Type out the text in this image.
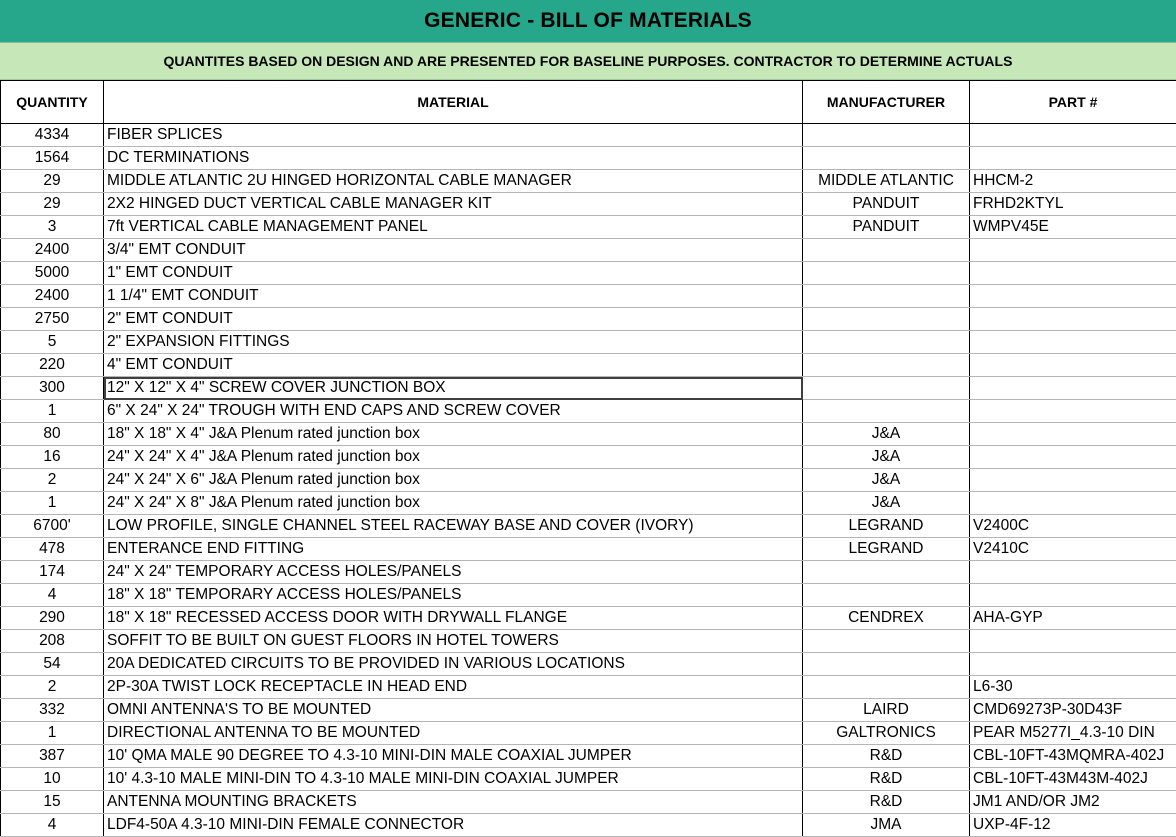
GENERIC - BILL OF MATERIALS
QUANTITES BASED ON DESIGN AND ARE PRESENTED FOR BASELINE PURPOSES. CONTRACTOR TO DETERMINE ACTUALS
QUANTITY	MATERIAL	MANUFACTURER	PART #
4334	FIBER SPLICES		
1564	DC TERMINATIONS		
29	MIDDLE ATLANTIC 2U HINGED HORIZONTAL CABLE MANAGER	MIDDLE ATLANTIC	HHCM-2
29	2X2 HINGED DUCT VERTICAL CABLE MANAGER KIT	PANDUIT	FRHD2KTYL
3	7ft VERTICAL CABLE MANAGEMENT PANEL	PANDUIT	WMPV45E
2400	3/4" EMT CONDUIT		
5000	1" EMT CONDUIT		
2400	1 1/4" EMT CONDUIT		
2750	2" EMT CONDUIT		
5	2" EXPANSION FITTINGS		
220	4" EMT CONDUIT		
300	12" X 12" X 4" SCREW COVER JUNCTION BOX		
1	6" X 24" X 24" TROUGH WITH END CAPS AND SCREW COVER		
80	18" X 18" X 4" J&A Plenum rated junction box	J&A	
16	24" X 24" X 4" J&A Plenum rated junction box	J&A	
2	24" X 24" X 6" J&A Plenum rated junction box	J&A	
1	24" X 24" X 8" J&A Plenum rated junction box	J&A	
6700'	LOW PROFILE, SINGLE CHANNEL STEEL RACEWAY BASE AND COVER (IVORY)	LEGRAND	V2400C
478	ENTERANCE END FITTING	LEGRAND	V2410C
174	24" X 24" TEMPORARY ACCESS HOLES/PANELS		
4	18" X 18" TEMPORARY ACCESS HOLES/PANELS		
290	18" X 18" RECESSED ACCESS DOOR WITH DRYWALL FLANGE	CENDREX	AHA-GYP
208	SOFFIT TO BE BUILT ON GUEST FLOORS IN HOTEL TOWERS		
54	20A DEDICATED CIRCUITS TO BE PROVIDED IN VARIOUS LOCATIONS		
2	2P-30A TWIST LOCK RECEPTACLE IN HEAD END		L6-30
332	OMNI ANTENNA'S TO BE MOUNTED	LAIRD	CMD69273P-30D43F
1	DIRECTIONAL ANTENNA TO BE MOUNTED	GALTRONICS	PEAR M5277I_4.3-10 DIN
387	10' QMA MALE 90 DEGREE TO 4.3-10 MINI-DIN MALE COAXIAL JUMPER	R&D	CBL-10FT-43MQMRA-402J
10	10' 4.3-10 MALE MINI-DIN TO 4.3-10 MALE MINI-DIN COAXIAL JUMPER	R&D	CBL-10FT-43M43M-402J
15	ANTENNA MOUNTING BRACKETS	R&D	JM1 AND/OR JM2
4	LDF4-50A 4.3-10 MINI-DIN FEMALE CONNECTOR	JMA	UXP-4F-12
